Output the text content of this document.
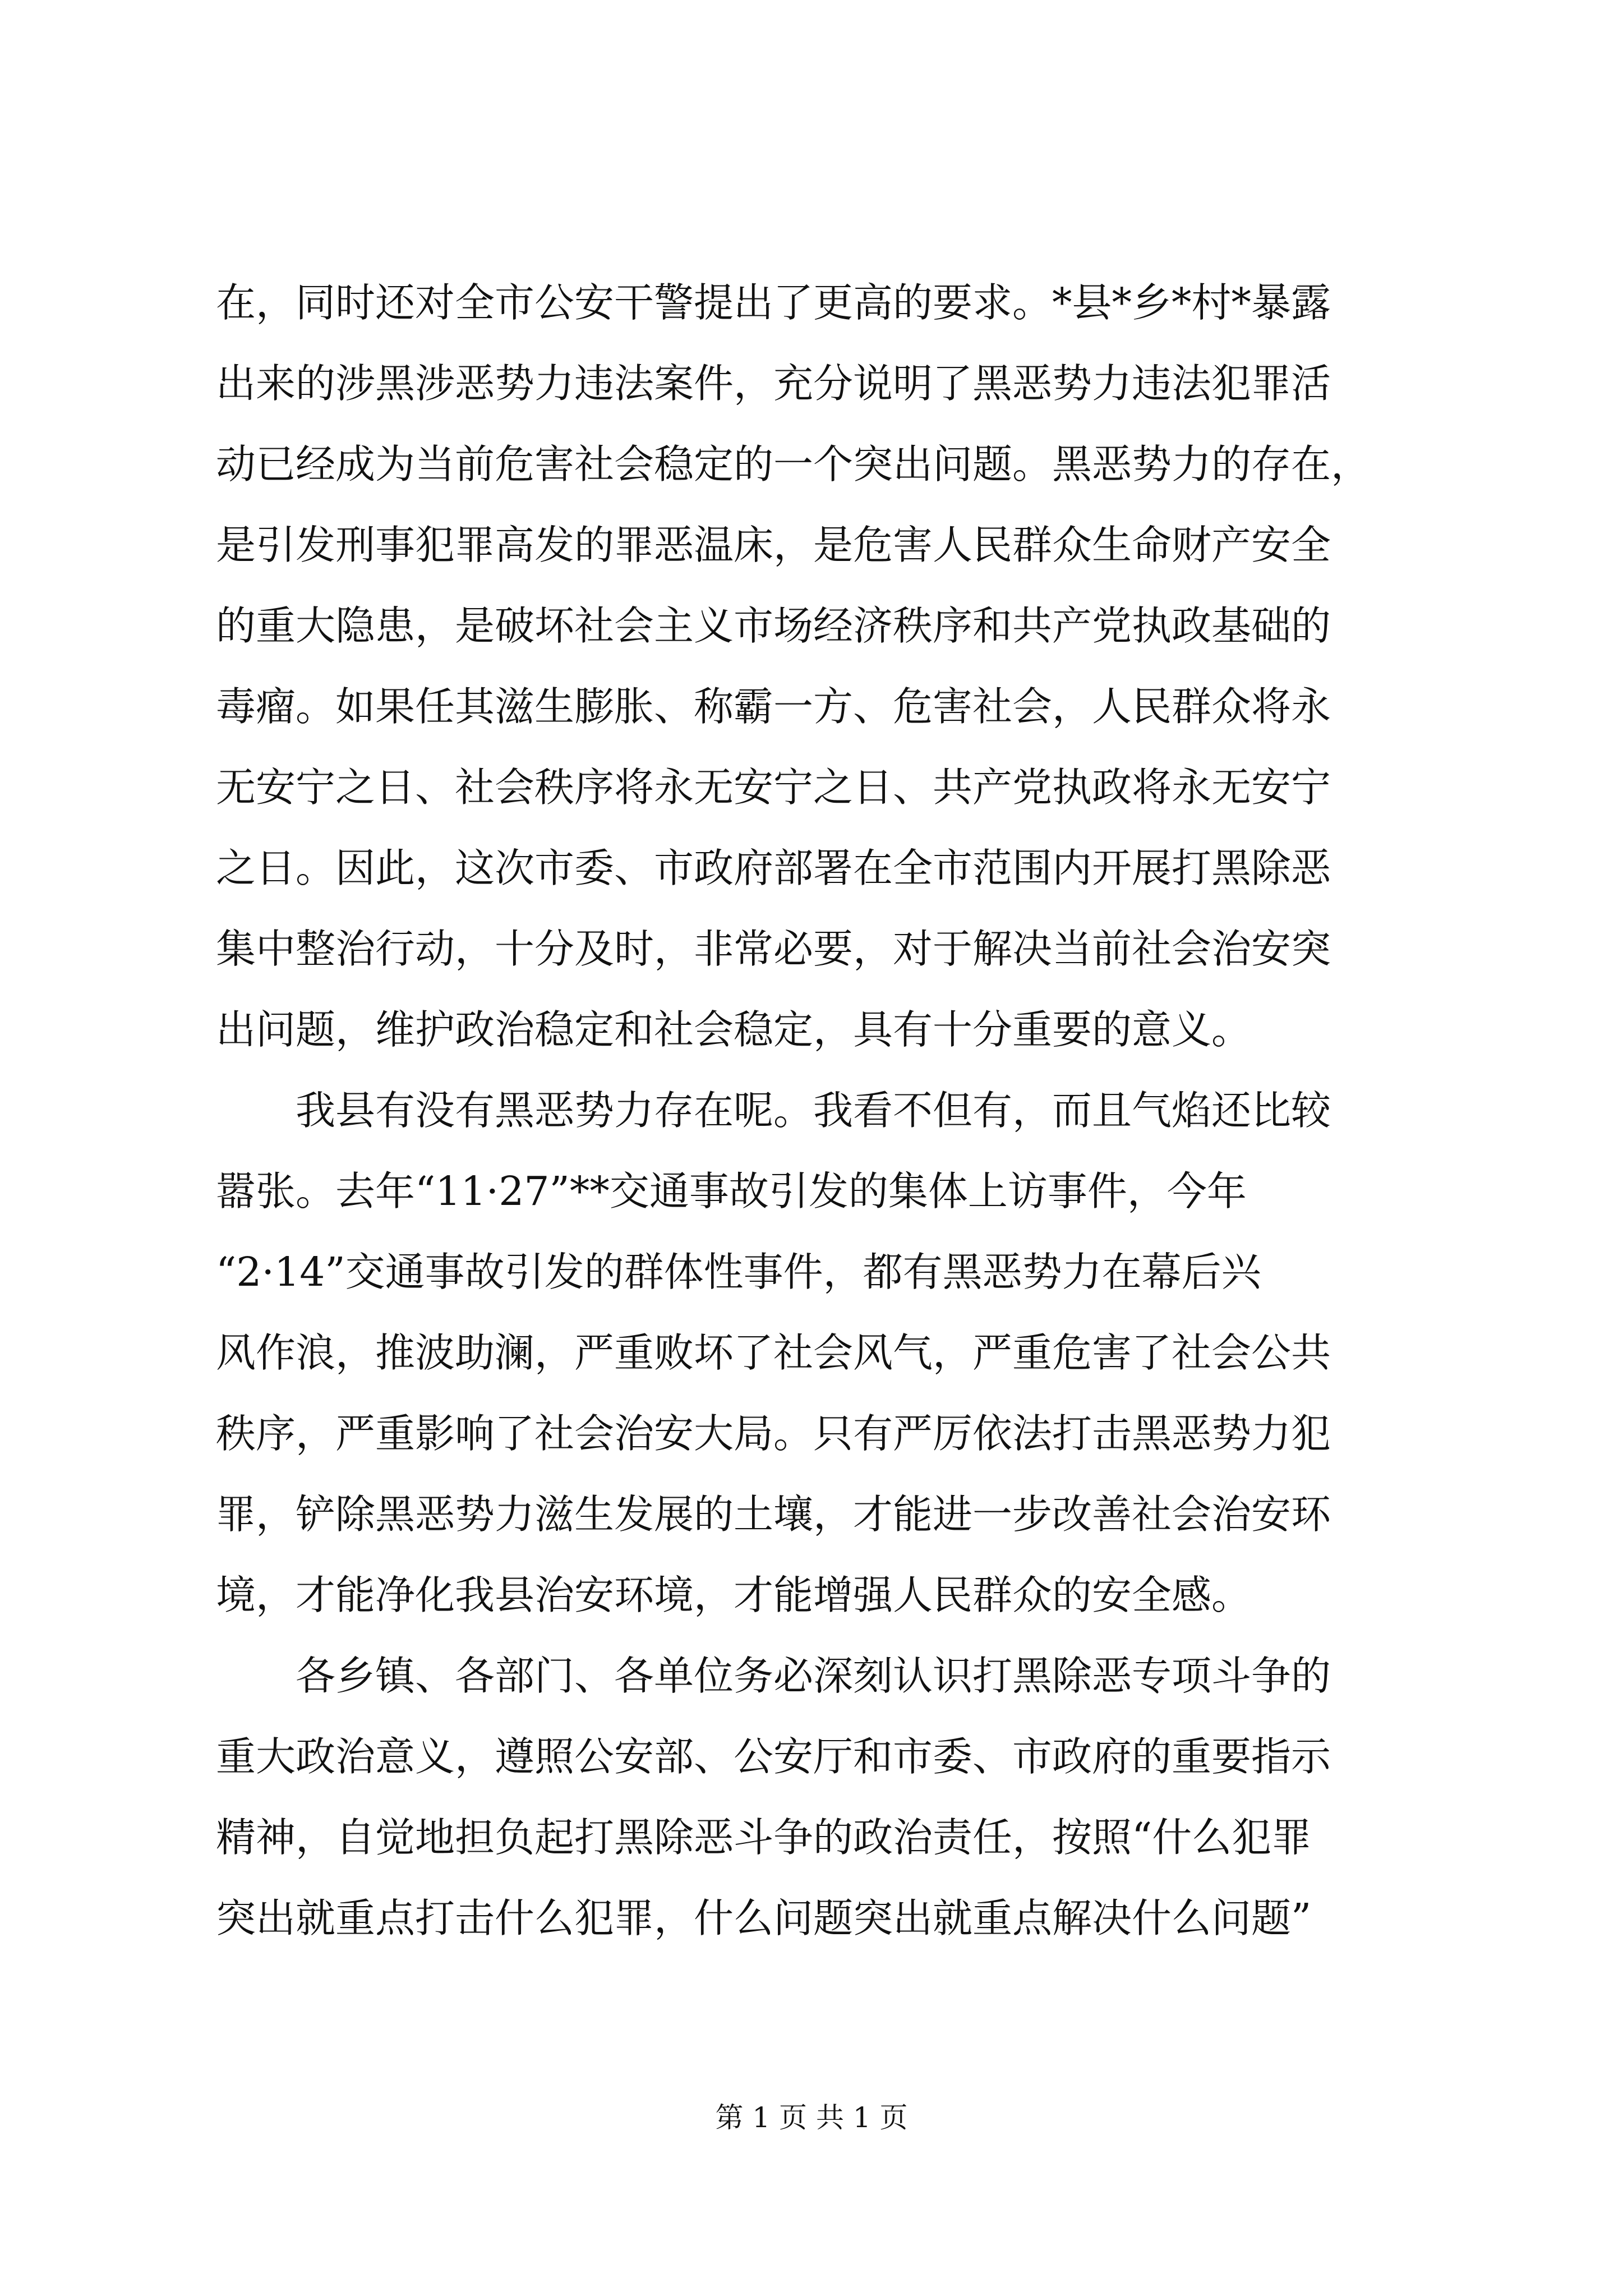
在，同时还对全市公安干警提出了更高的要求。*县*乡*村*暴露
出来的涉黑涉恶势力违法案件，充分说明了黑恶势力违法犯罪活
动已经成为当前危害社会稳定的一个突出问题。黑恶势力的存在，
是引发刑事犯罪高发的罪恶温床，是危害人民群众生命财产安全
的重大隐患，是破坏社会主义市场经济秩序和共产党执政基础的
毒瘤。如果任其滋生膨胀、称霸一方、危害社会，人民群众将永
无安宁之日、社会秩序将永无安宁之日、共产党执政将永无安宁
之日。因此，这次市委、市政府部署在全市范围内开展打黑除恶
集中整治行动，十分及时，非常必要，对于解决当前社会治安突
出问题，维护政治稳定和社会稳定，具有十分重要的意义。
　　我县有没有黑恶势力存在呢。我看不但有，而且气焰还比较
嚣张。去年“11·27”**交通事故引发的集体上访事件，今年
“2·14”交通事故引发的群体性事件，都有黑恶势力在幕后兴
风作浪，推波助澜，严重败坏了社会风气，严重危害了社会公共
秩序，严重影响了社会治安大局。只有严厉依法打击黑恶势力犯
罪，铲除黑恶势力滋生发展的土壤，才能进一步改善社会治安环
境，才能净化我县治安环境，才能增强人民群众的安全感。
　　各乡镇、各部门、各单位务必深刻认识打黑除恶专项斗争的
重大政治意义，遵照公安部、公安厅和市委、市政府的重要指示
精神，自觉地担负起打黑除恶斗争的政治责任，按照“什么犯罪
突出就重点打击什么犯罪，什么问题突出就重点解决什么问题”
第 1 页 共 1 页
